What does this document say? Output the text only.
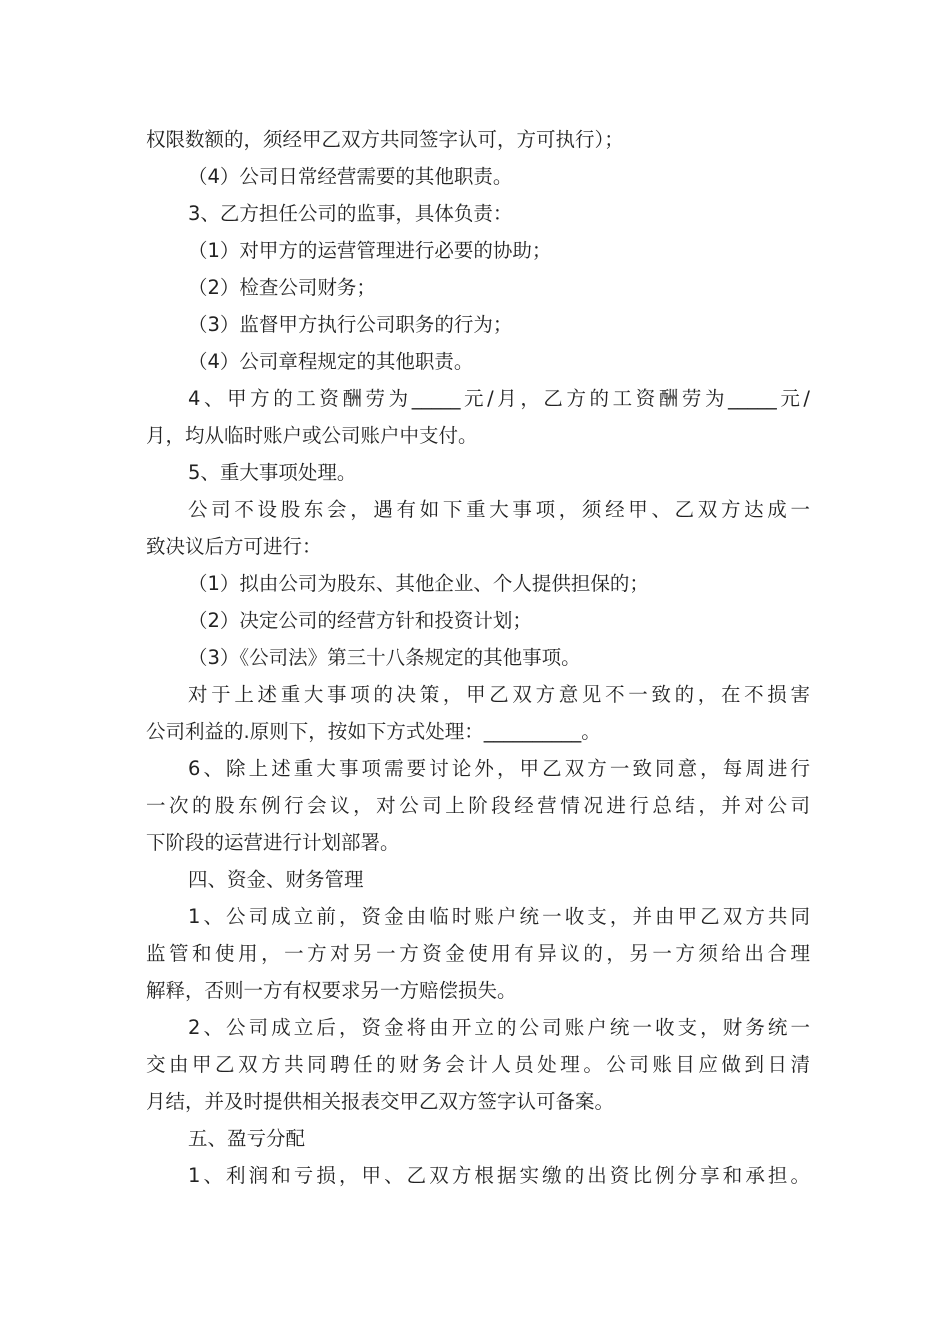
权限数额的，须经甲乙双方共同签字认可，方可执行）；
（4）公司日常经营需要的其他职责。
3、乙方担任公司的监事，具体负责：
（1）对甲方的运营管理进行必要的协助；
（2）检查公司财务；
（3）监督甲方执行公司职务的行为；
（4）公司章程规定的其他职责。
4、甲方的工资酬劳为_____元/月，乙方的工资酬劳为_____元/
月，均从临时账户或公司账户中支付。
5、重大事项处理。
公司不设股东会，遇有如下重大事项，须经甲、乙双方达成一
致决议后方可进行：
（1）拟由公司为股东、其他企业、个人提供担保的；
（2）决定公司的经营方针和投资计划；
（3）《公司法》第三十八条规定的其他事项。
对于上述重大事项的决策，甲乙双方意见不一致的，在不损害
公司利益的.原则下，按如下方式处理：__________。
6、除上述重大事项需要讨论外，甲乙双方一致同意，每周进行
一次的股东例行会议，对公司上阶段经营情况进行总结，并对公司
下阶段的运营进行计划部署。
四、资金、财务管理
1、公司成立前，资金由临时账户统一收支，并由甲乙双方共同
监管和使用，一方对另一方资金使用有异议的，另一方须给出合理
解释，否则一方有权要求另一方赔偿损失。
2、公司成立后，资金将由开立的公司账户统一收支，财务统一
交由甲乙双方共同聘任的财务会计人员处理。公司账目应做到日清
月结，并及时提供相关报表交甲乙双方签字认可备案。
五、盈亏分配
1、利润和亏损，甲、乙双方根据实缴的出资比例分享和承担。
